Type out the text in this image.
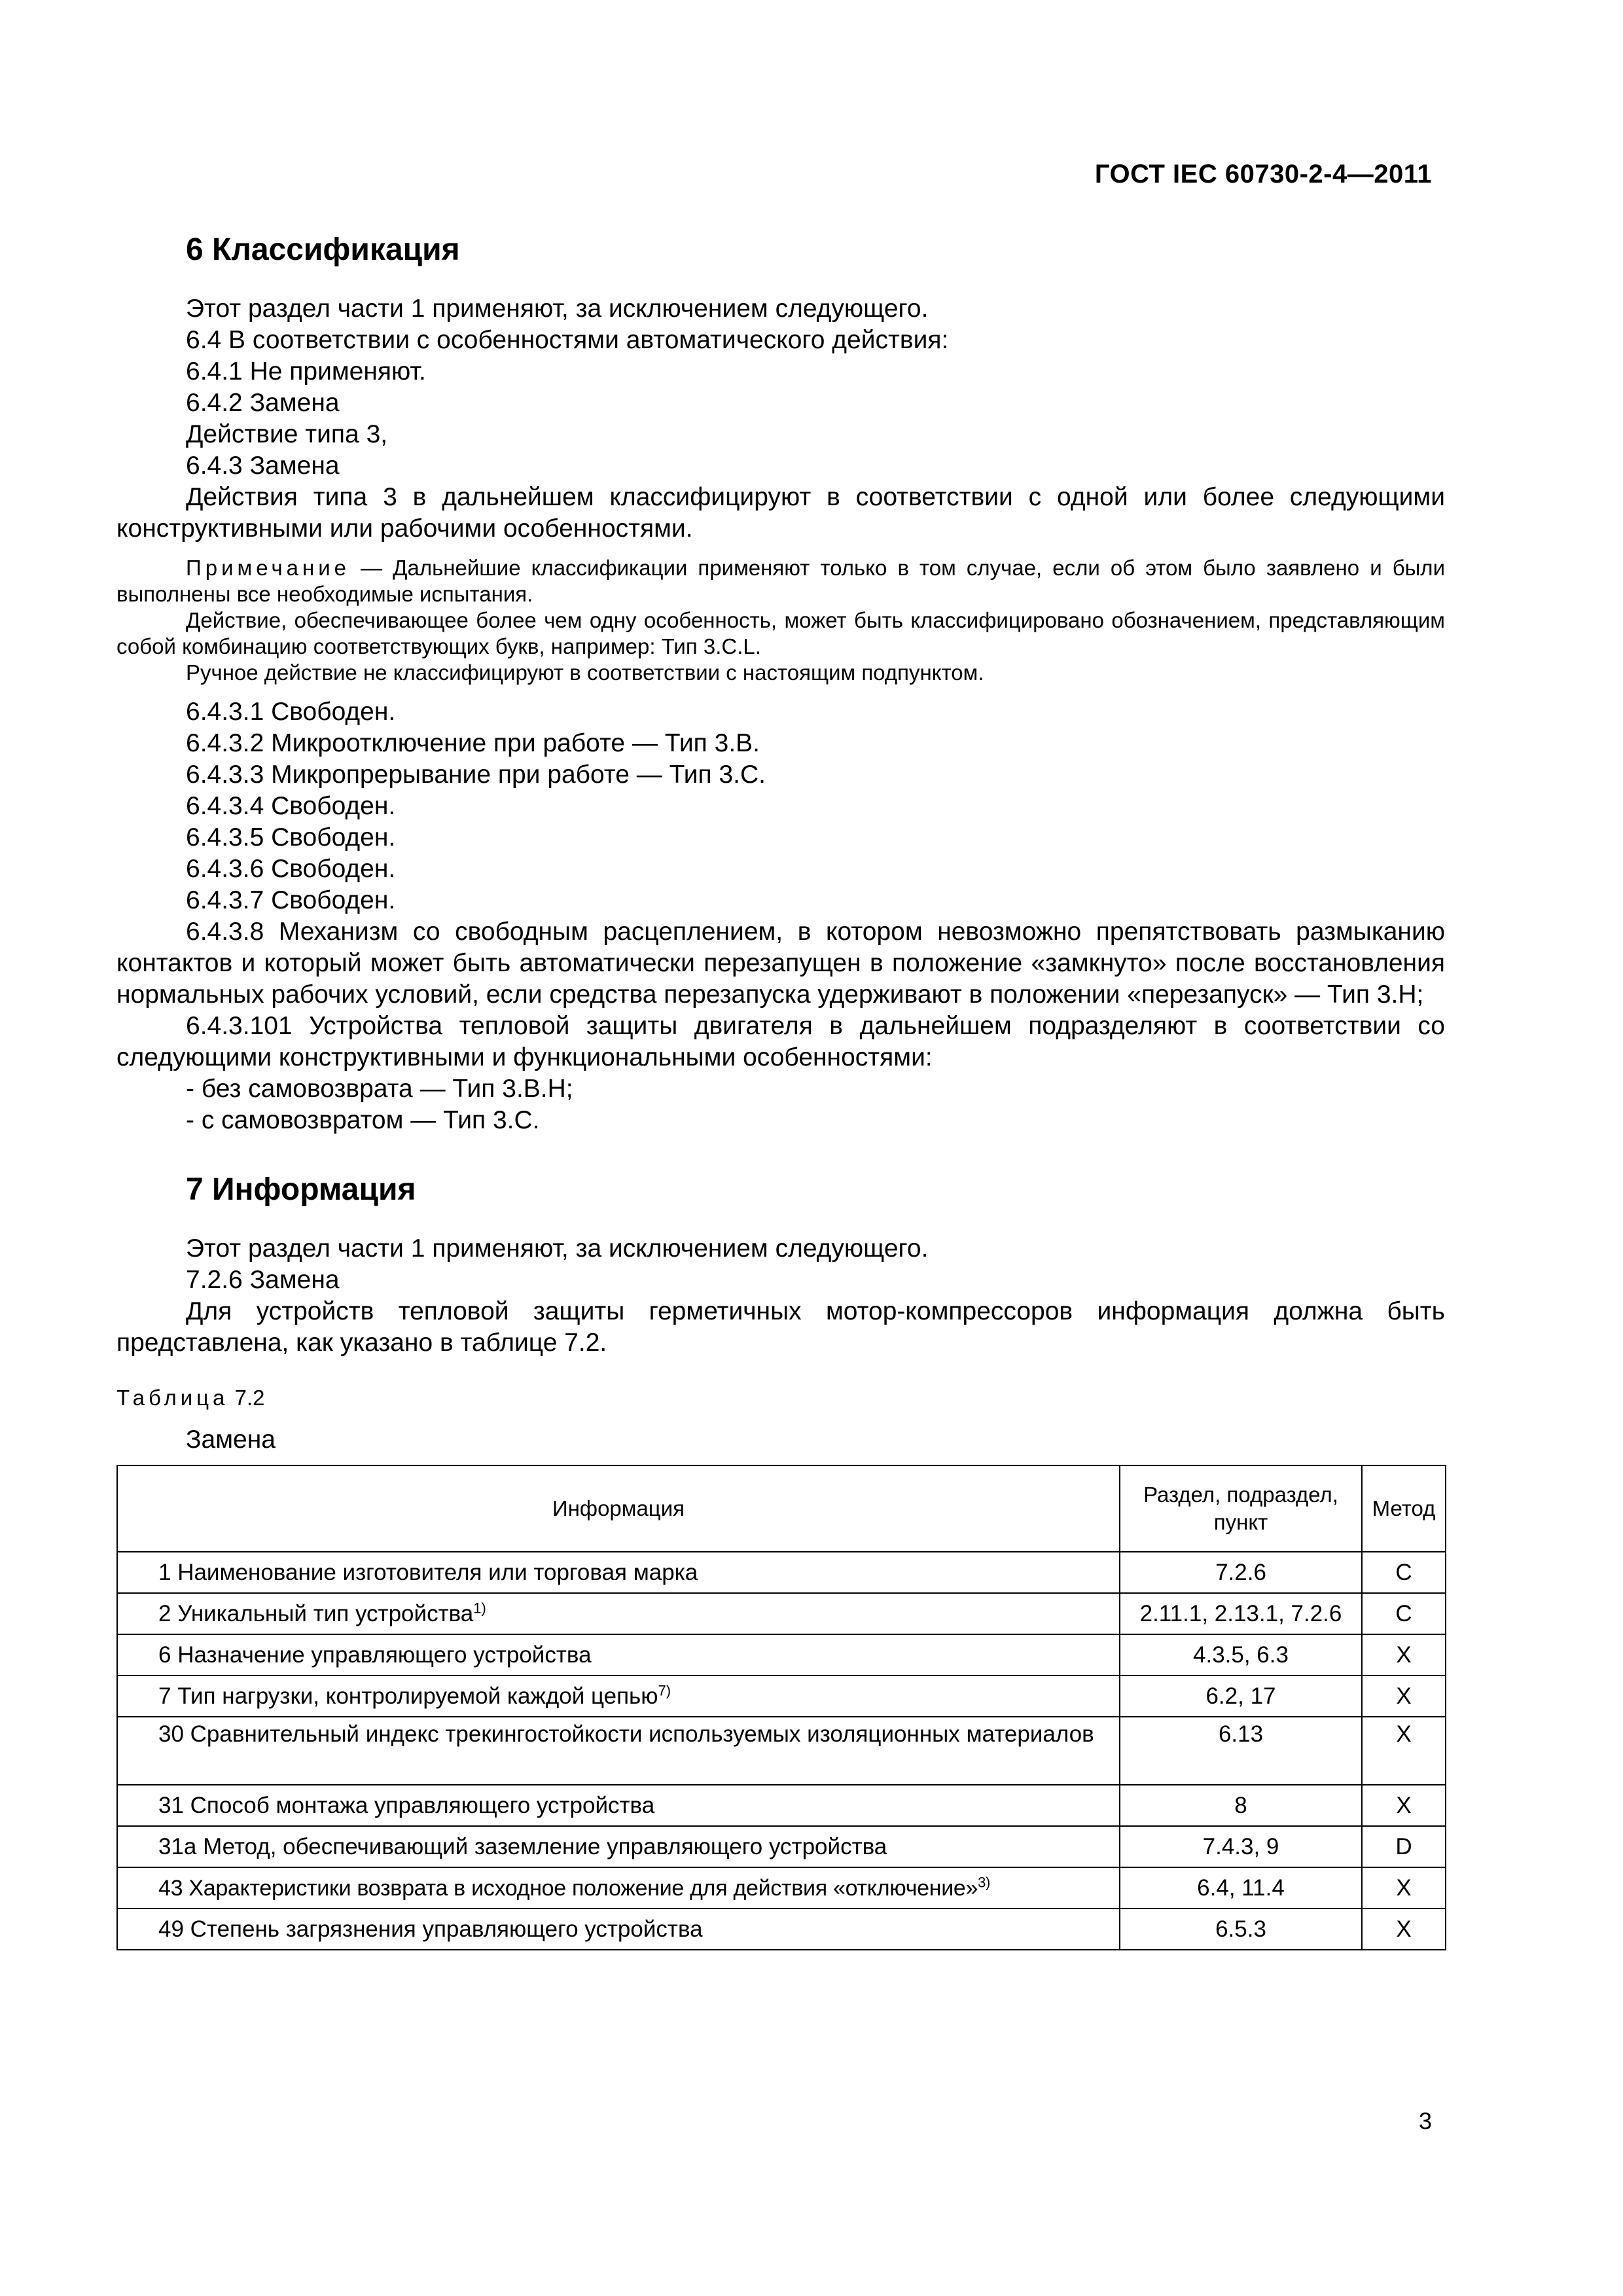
ГОСТ IEC 60730-2-4—2011
6 Классификация

Этот раздел части 1 применяют, за исключением следующего.

6.4 В соответствии с особенностями автоматического действия:

6.4.1 Не применяют.

6.4.2 Замена

Действие типа 3,

6.4.3 Замена

Действия типа 3 в дальнейшем классифицируют в соответствии с одной или более следующими конструктивными или рабочими особенностями.

Примечание — Дальнейшие классификации применяют только в том случае, если об этом было заявлено и были выполнены все необходимые испытания.

Действие, обеспечивающее более чем одну особенность, может быть классифицировано обозначением, представляющим собой комбинацию соответствующих букв, например: Тип 3.С.L.

Ручное действие не классифицируют в соответствии с настоящим подпунктом.

6.4.3.1 Свободен.

6.4.3.2 Микроотключение при работе — Тип 3.В.

6.4.3.3 Микропрерывание при работе — Тип 3.С.

6.4.3.4 Свободен.

6.4.3.5 Свободен.

6.4.3.6 Свободен.

6.4.3.7 Свободен.

6.4.3.8 Механизм со свободным расцеплением, в котором невозможно препятствовать размыканию контактов и который может быть автоматически перезапущен в положение «замкнуто» после восстановления нормальных рабочих условий, если средства перезапуска удерживают в положении «перезапуск» — Тип 3.Н;

6.4.3.101 Устройства тепловой защиты двигателя в дальнейшем подразделяют в соответствии со следующими конструктивными и функциональными особенностями:

- без самовозврата — Тип 3.В.Н;

- с самовозвратом — Тип 3.С.

7 Информация

Этот раздел части 1 применяют, за исключением следующего.

7.2.6 Замена

Для устройств тепловой защиты герметичных мотор-компрессоров информация должна быть представлена, как указано в таблице 7.2.

Таблица 7.2

Замена

Информация	Раздел, подраздел, пункт	Метод

1 Наименование изготовителя или торговая марка	7.2.6	C

2 Уникальный тип устройства$^{1)}$	2.11.1, 2.13.1, 7.2.6	C

6 Назначение управляющего устройства	4.3.5, 6.3	X

7 Тип нагрузки, контролируемой каждой цепью$^{7)}$	6.2, 17	X

30 Сравнительный индекс трекингостойкости используемых изоляционных материалов	6.13	X

31 Способ монтажа управляющего устройства	8	X

31a Метод, обеспечивающий заземление управляющего устройства	7.4.3, 9	D

43 Характеристики возврата в исходное положение для действия «отключение»$^{3)}$	6.4, 11.4	X

49 Степень загрязнения управляющего устройства	6.5.3	X
3
